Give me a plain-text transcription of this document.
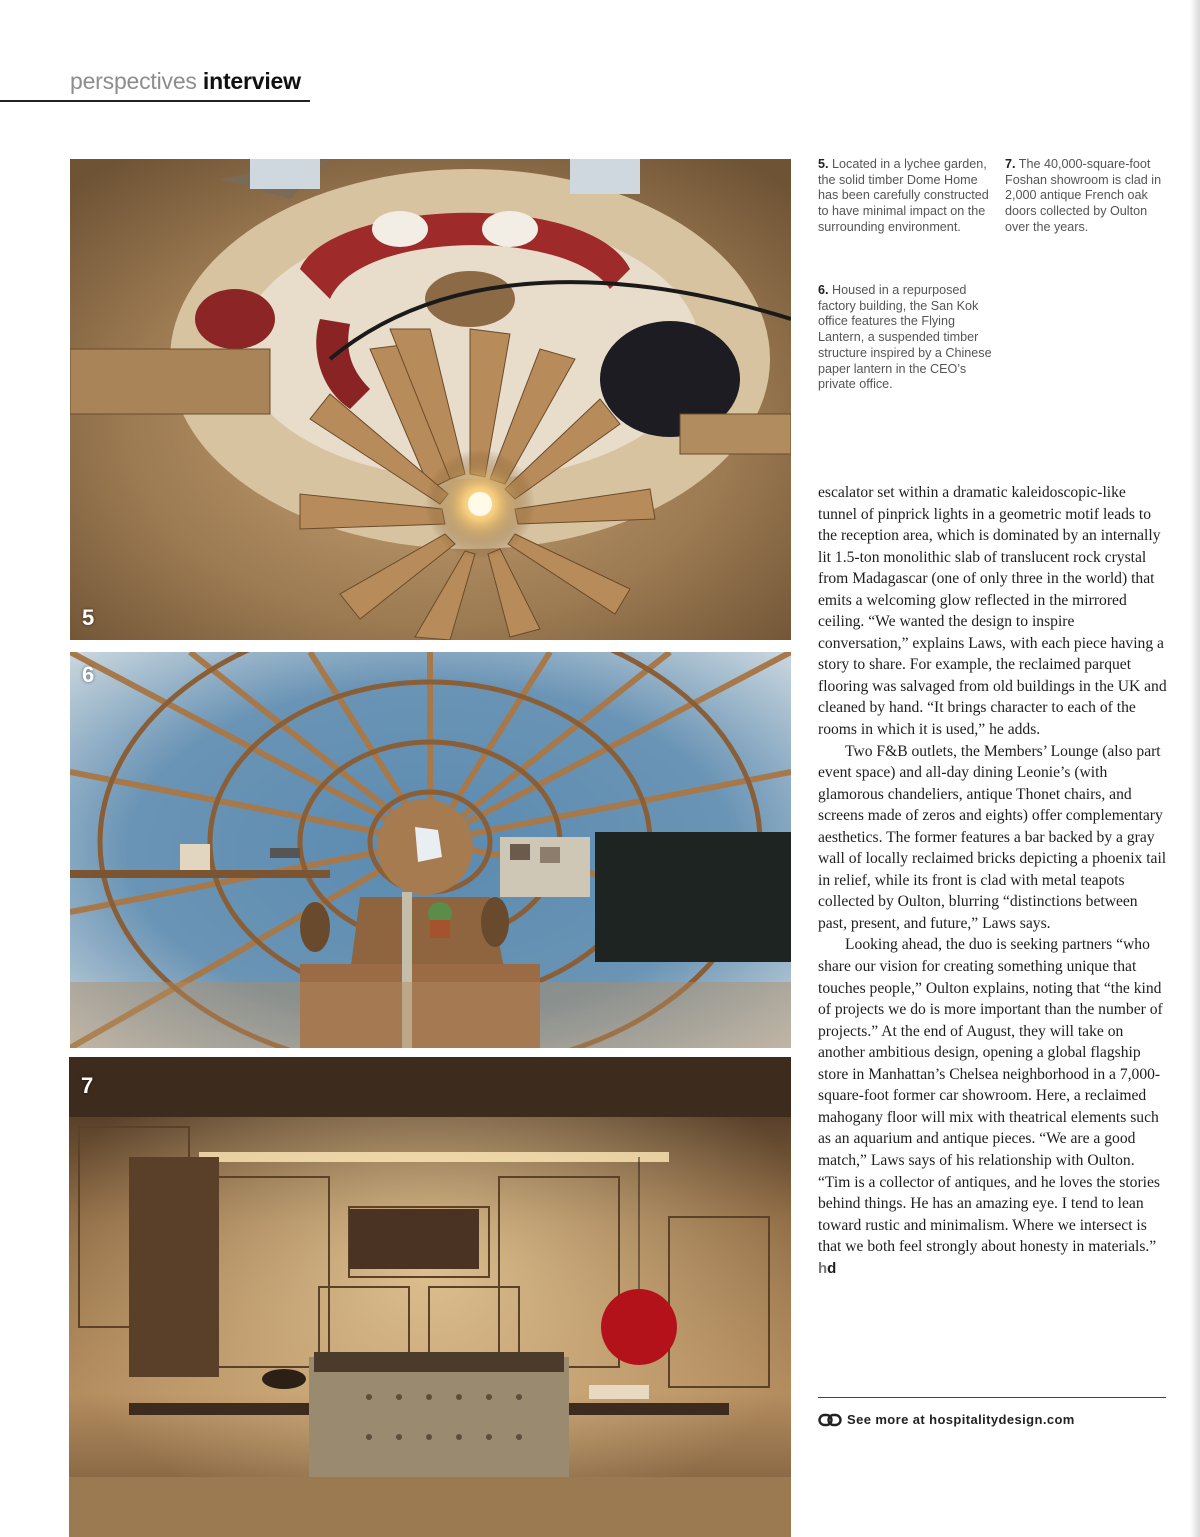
perspectives interview
5
6
7
5. Located in a lychee garden, the solid timber Dome Home has been carefully constructed to have minimal impact on the surrounding environment.
6. Housed in a repurposed factory building, the San Kok office features the Flying Lantern, a suspended timber structure inspired by a Chinese paper lantern in the CEO’s private office.
7. The 40,000-square-foot Foshan showroom is clad in 2,000 antique French oak doors collected by Oulton over the years.

escalator set within a dramatic kaleidoscopic-like tunnel of pinprick lights in a geometric motif leads to the reception area, which is dominated by an internally lit 1.5-ton monolithic slab of translucent rock crystal from Madagascar (one of only three in the world) that emits a welcoming glow reflected in the mirrored ceiling. “We wanted the design to inspire conversation,” explains Laws, with each piece having a story to share. For example, the reclaimed parquet flooring was salvaged from old buildings in the UK and cleaned by hand. “It brings character to each of the rooms in which it is used,” he adds.

Two F&B outlets, the Members’ Lounge (also part event space) and all-day dining Leonie’s (with glamorous chandeliers, antique Thonet chairs, and screens made of zeros and eights) offer complementary aesthetics. The former features a bar backed by a gray wall of locally reclaimed bricks depicting a phoenix tail in relief, while its front is clad with metal teapots collected by Oulton, blurring “distinctions between past, present, and future,” Laws says.

Looking ahead, the duo is seeking partners “who share our vision for creating something unique that touches people,” Oulton explains, noting that “the kind of projects we do is more important than the number of projects.” At the end of August, they will take on another ambitious design, opening a global flagship store in Manhattan’s Chelsea neighborhood in a 7,000-square-foot former car showroom. Here, a reclaimed mahogany floor will mix with theatrical elements such as an aquarium and antique pieces. “We are a good match,” Laws says of his relationship with Oulton. “Tim is a collector of antiques, and he loves the stories behind things. He has an amazing eye. I tend to lean toward rustic and minimalism. Where we intersect is that we both feel strongly about honesty in materials.” hd

See more at hospitalitydesign.com
